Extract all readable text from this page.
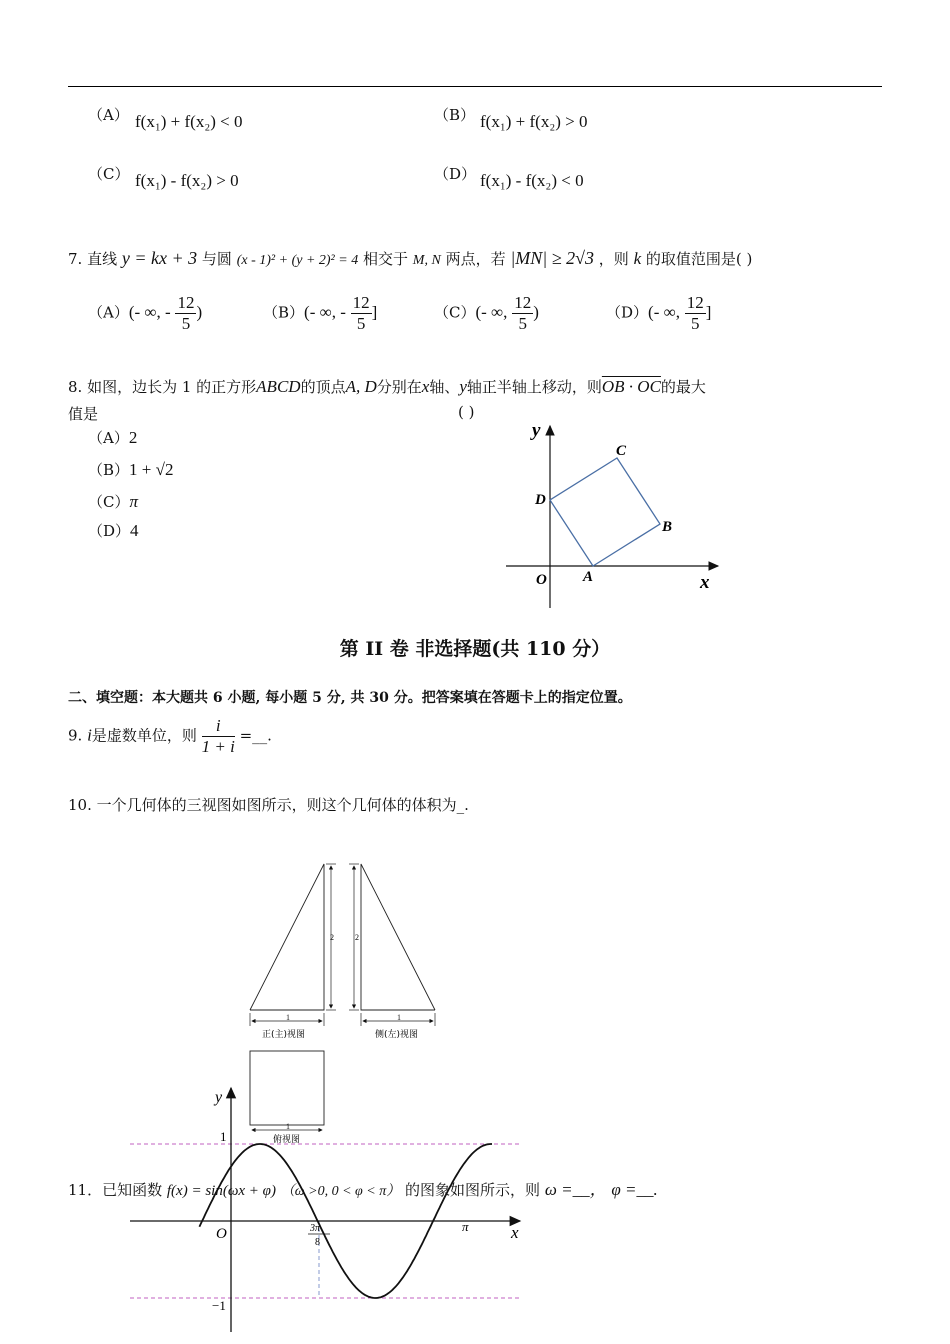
（A） f(x₁) + f(x₂) < 0	（B） f(x₁) + f(x₂) > 0
（C） f(x₁) - f(x₂) > 0	（D） f(x₁) - f(x₂) < 0
7. 直线 y = kx + 3 与圆 (x - 1)² + (y + 2)² = 4 相交于 M, N 两点，若 |MN| ≥ 2√3 ，则 k 的取值范围是( )
（A）(- ∞, - $\frac{12}{5}$ )	（B）(- ∞, - $\frac{12}{5}$ ]	（C）(- ∞, $\frac{12}{5}$ )	（D）(- ∞, $\frac{12}{5}$ ]
8. 如图，边长为 1 的正方形ABCD的顶点A, D分别在x轴、y轴正半轴上移动，则OB · OC的最大
值是	( )
（A）2
（B）1 + √2
（C）π
（D）4
y
x
O A
B
C
D
第 II 卷 非选择题(共 110 分）
二、填空题：本大题共 6 小题, 每小题 5 分, 共 30 分。把答案填在答题卡上的指定位置。
9. i是虚数单位，则 $\frac{i}{1 + i}$ =__.
10. 一个几何体的三视图如图所示，则这个几何体的体积为_.
2	2
1	1
1
正(主)视图	侧(左)视图
俯视图
y
x
O
1
−1
3π
8
π
11．已知函数 f(x) = sin(ωx + φ) （ω >0, 0 < φ < π） 的图象如图所示，则 ω =__， φ =__.
